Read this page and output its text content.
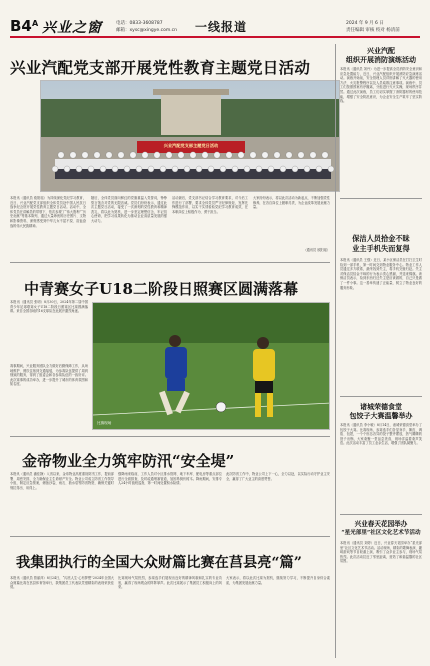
B4 A 兴业之窗	电话：0833-3608787
邮箱：xysc@xingye.com.cn 一线报道	2024 年 9 月 6 日
责任编辑 审核 校对 杨清前
兴业汽配党支部开展党性教育主题党日活动
兴业汽配党支部主题党日活动
本报讯（通讯员 欧阳瑶）为持续深化党纪学习教育，近日，兴业汽配党支部组织全体党员赴中国人民抗日战争纪念馆开展党性教育主题党日活动。活动中，全体党员在讲解员的带领下，依次参观了“伟大胜利”“历史贡献”等基本陈列，通过大量珍贵的历史图片、文物和影像资料，深刻感受到中华儿女不屈不挠、浴血奋战的伟大民族精神。
随后，全体党员面向鲜红的党旗重温入党誓词，铮铮誓言饱含对党的无限忠诚。党员们纷纷表示，通过此次主题党日活动，接受了一次深刻的党性教育和精神洗礼，将以此为契机，进一步坚定理想信念，牢记初心使命，把学习成果转化为推动企业高质量发展的强大动力。
活动最后，党支部书记结合学习教育要求，对今后工作进行了部署，要求全体党员严守纪律规矩，发挥先锋模范作用，以实干实绩检验党纪学习教育成效，在本职岗位上积极作为、勇于担当。
大家纷纷表示，将以此次活动为新起点，不断加强党性修养，在各自岗位上履职尽责，为企业改革发展贡献力量。
（通讯员 欧阳瑶）
中青赛女子U18二阶段日照赛区圆满落幕
本报讯（通讯员 张明）8月30日，2024年第二届中国青少年足球联赛女子U18二阶段日照赛区比赛圆满落幕。来自全国各地的16支球队在此展开激烈角逐。
赛事期间，兴业服务团队全力做好后勤保障工作，从场地维护、餐饮住宿到交通接驳，为参赛队伍提供了周到细致的服务，得到了组委会和各参赛队伍的一致好评。此次赛事的成功举办，进一步提升了城市的体育氛围和知名度。
比赛现场
金帝物业全力筑牢防汛“安全堤”
本报讯（通讯员 潘佳静）入汛以来，金帝物业高度重视防汛工作，提前部署、周密安排，全力确保业主生命财产安全。物业公司成立防汛工作领导小组，制定应急预案，储备沙袋、雨衣、抽水泵等防汛物资，确保关键时刻拉得出、用得上。
强降雨来临前，工作人员对小区排水管网、地下车库、配电房等重点部位进行全面排查，及时疏通堵塞管道，加固易倒伏树木。降雨期间，安排专人24小时值班巡查，第一时间处置积水险情。
此次防汛工作中，物业公司上下一心，全力以赴，以实际行动守护业主安全，赢得了广大业主的高度赞誉。
我集团执行的全国大众财篇比赛在莒县亮“篇”
本报讯（通讯员 曾丽萍）8月24日，“闪亮人生·心有梦想”2024年全国大众财篇比赛在莒县体育馆举行，我集团员工代表队凭借精彩的表现荣获佳绩。
比赛现场气氛热烈，参赛选手们展现出良好的精神风貌和扎实的专业功底，赢得了现场观众的阵阵掌声。此次比赛展示了集团员工积极向上的风采。
大家表示，将以此次比赛为契机，继续努力学习，不断提升自身综合素质，为集团发展贡献力量。
兴业汽配
组织开展消防演练活动
本报讯（通讯员 刘丹）为进一步提高全员消防安全意识和应急处置能力，近日，兴业汽配组织开展消防应急演练活动。演练开始前，安全管理人员详细讲解了灭火器的使用方法、火灾报警程序以及人员疏散注意事项。演练中，员工们按照预案有序撤离，分组进行灭火实操，现场秩序井然。通过此次演练，员工们切实掌握了消防器材的使用技能，增强了安全防范意识，为企业安全生产筑牢了坚实防线。
保洁人员拾金不昧
业主手机失而复得
本报讯（通讯员 王强）近日，某小区保洁员在打扫卫生时捡到一部手机，第一时间交到物业服务中心。物业工作人员通过多方联系，最终找到失主，将手机完璧归赵。失主对保洁员拾金不昧的行为表示衷心感谢，并送来锦旗。该保洁员表示，捡到东西归还失主是应该做的，自己只是做了一件小事。这一善举传递了正能量，树立了物业良好的服务形象。
诸城荣德食堂
包饺子大赛温馨举办
本报讯（通讯员 李小敏）8月14日，诸城荣德食堂举办了包饺子大赛。比赛现场，参赛选手们各显身手，擀皮、调馅、包捏，一个个形态各异的饺子整齐摆放，热气腾腾的饺子出锅，大家欢聚一堂品尝美食，现场洋溢着欢声笑语。此次活动丰富了员工业余生活，增强了团队凝聚力。
兴业春天花园举办
“星光部里”社区文化艺术节活动
本报讯（通讯员 刘婷）近日，兴业春天花园举办“星光部里”社区文化艺术节活动。活动现场，精彩的歌舞表演、趣味游戏等节目轮番上演，吸引了众多业主参与，现场气氛热烈。此次活动拉近了邻里距离，营造了和谐温馨的社区氛围。
